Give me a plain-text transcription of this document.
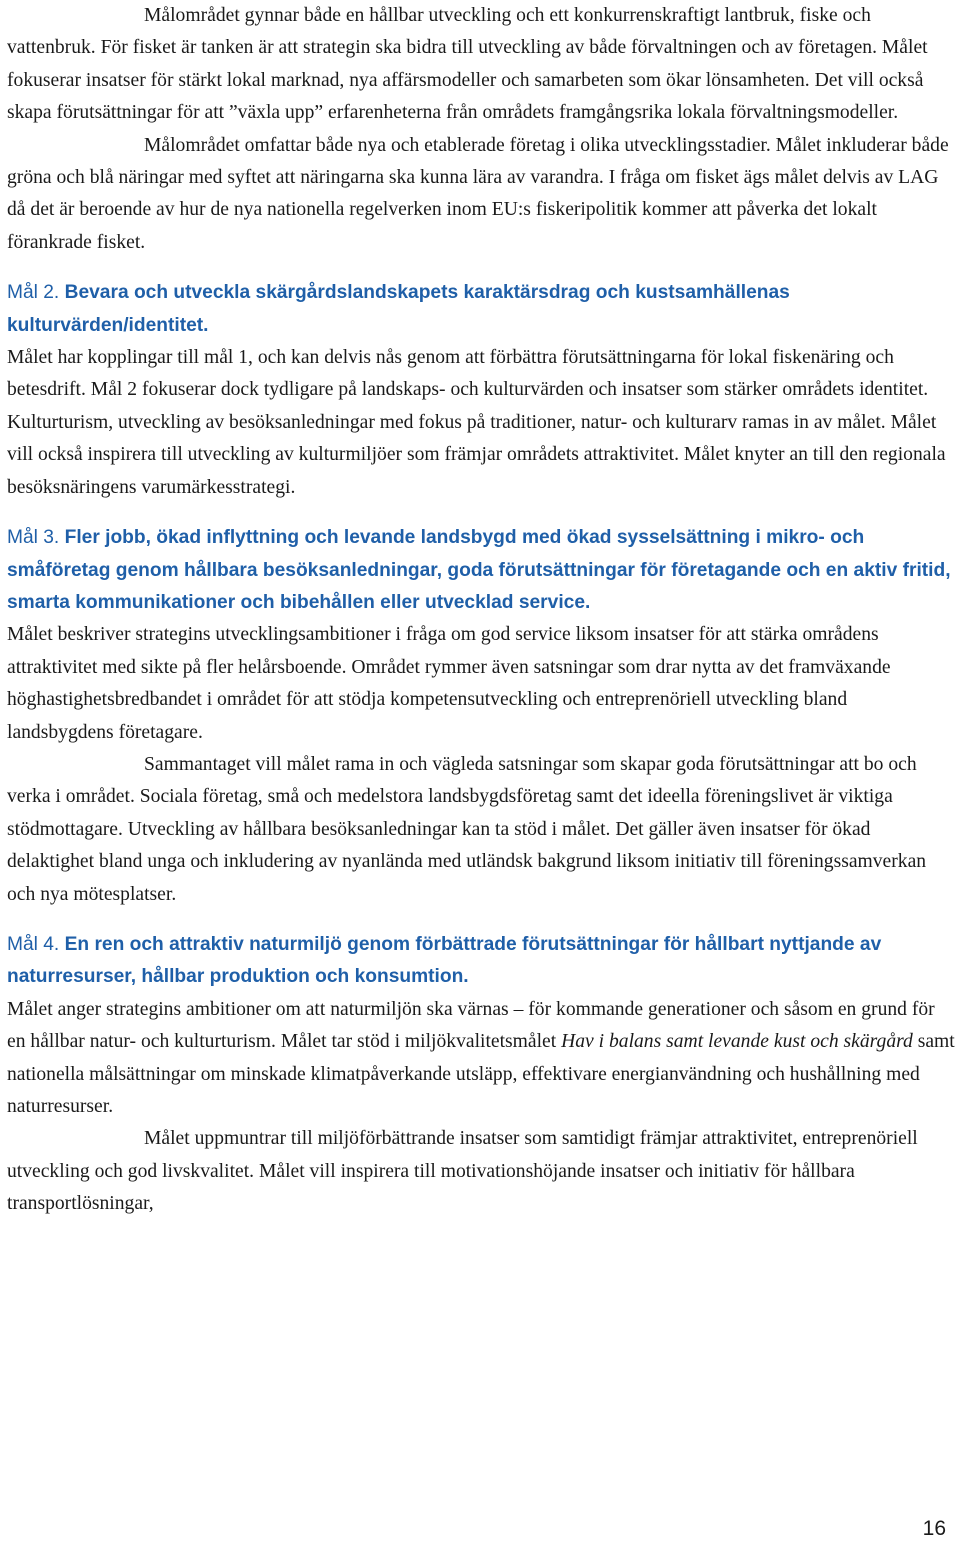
Målområdet gynnar både en hållbar utveckling och ett konkurrenskraftigt lantbruk, fiske och vattenbruk. För fisket är tanken är att strategin ska bidra till utveckling av både förvaltningen och av företagen. Målet fokuserar insatser för stärkt lokal marknad, nya affärsmodeller och samarbeten som ökar lönsamheten. Det vill också skapa förutsättningar för att ”växla upp” erfarenheterna från områdets framgångsrika lokala förvaltningsmodeller.

Målområdet omfattar både nya och etablerade företag i olika utvecklingsstadier. Målet inkluderar både gröna och blå näringar med syftet att näringarna ska kunna lära av varandra. I fråga om fisket ägs målet delvis av LAG då det är beroende av hur de nya nationella regelverken inom EU:s fiskeripolitik kommer att påverka det lokalt förankrade fisket.

Mål 2. Bevara och utveckla skärgårdslandskapets karaktärsdrag och kustsamhällenas kulturvärden/identitet.

Målet har kopplingar till mål 1, och kan delvis nås genom att förbättra förutsättningarna för lokal fiskenäring och betesdrift. Mål 2 fokuserar dock tydligare på landskaps- och kulturvärden och insatser som stärker områdets identitet. Kulturturism, utveckling av besöksanledningar med fokus på traditioner, natur- och kulturarv ramas in av målet. Målet vill också inspirera till utveckling av kulturmiljöer som främjar områdets attraktivitet. Målet knyter an till den regionala besöksnäringens varumärkesstrategi.

Mål 3. Fler jobb, ökad inflyttning och levande landsbygd med ökad sysselsättning i mikro- och småföretag genom hållbara besöksanledningar, goda förutsättningar för företagande och en aktiv fritid, smarta kommunikationer och bibehållen eller utvecklad service.

Målet beskriver strategins utvecklingsambitioner i fråga om god service liksom insatser för att stärka områdens attraktivitet med sikte på fler helårsboende. Området rymmer även satsningar som drar nytta av det framväxande höghastighetsbredbandet i området för att stödja kompetensutveckling och entreprenöriell utveckling bland landsbygdens företagare.

Sammantaget vill målet rama in och vägleda satsningar som skapar goda förutsättningar att bo och verka i området. Sociala företag, små och medelstora landsbygdsföretag samt det ideella föreningslivet är viktiga stödmottagare. Utveckling av hållbara besöksanledningar kan ta stöd i målet. Det gäller även insatser för ökad delaktighet bland unga och inkludering av nyanlända med utländsk bakgrund liksom initiativ till föreningssamverkan och nya mötesplatser.

Mål 4. En ren och attraktiv naturmiljö genom förbättrade förutsättningar för hållbart nyttjande av naturresurser, hållbar produktion och konsumtion.

Målet anger strategins ambitioner om att naturmiljön ska värnas – för kommande generationer och såsom en grund för en hållbar natur- och kulturturism. Målet tar stöd i miljökvalitetsmålet Hav i balans samt levande kust och skärgård samt nationella målsättningar om minskade klimatpåverkande utsläpp, effektivare energianvändning och hushållning med naturresurser.

Målet uppmuntrar till miljöförbättrande insatser som samtidigt främjar attraktivitet, entreprenöriell utveckling och god livskvalitet. Målet vill inspirera till motivationshöjande insatser och initiativ för hållbara transportlösningar,

16
